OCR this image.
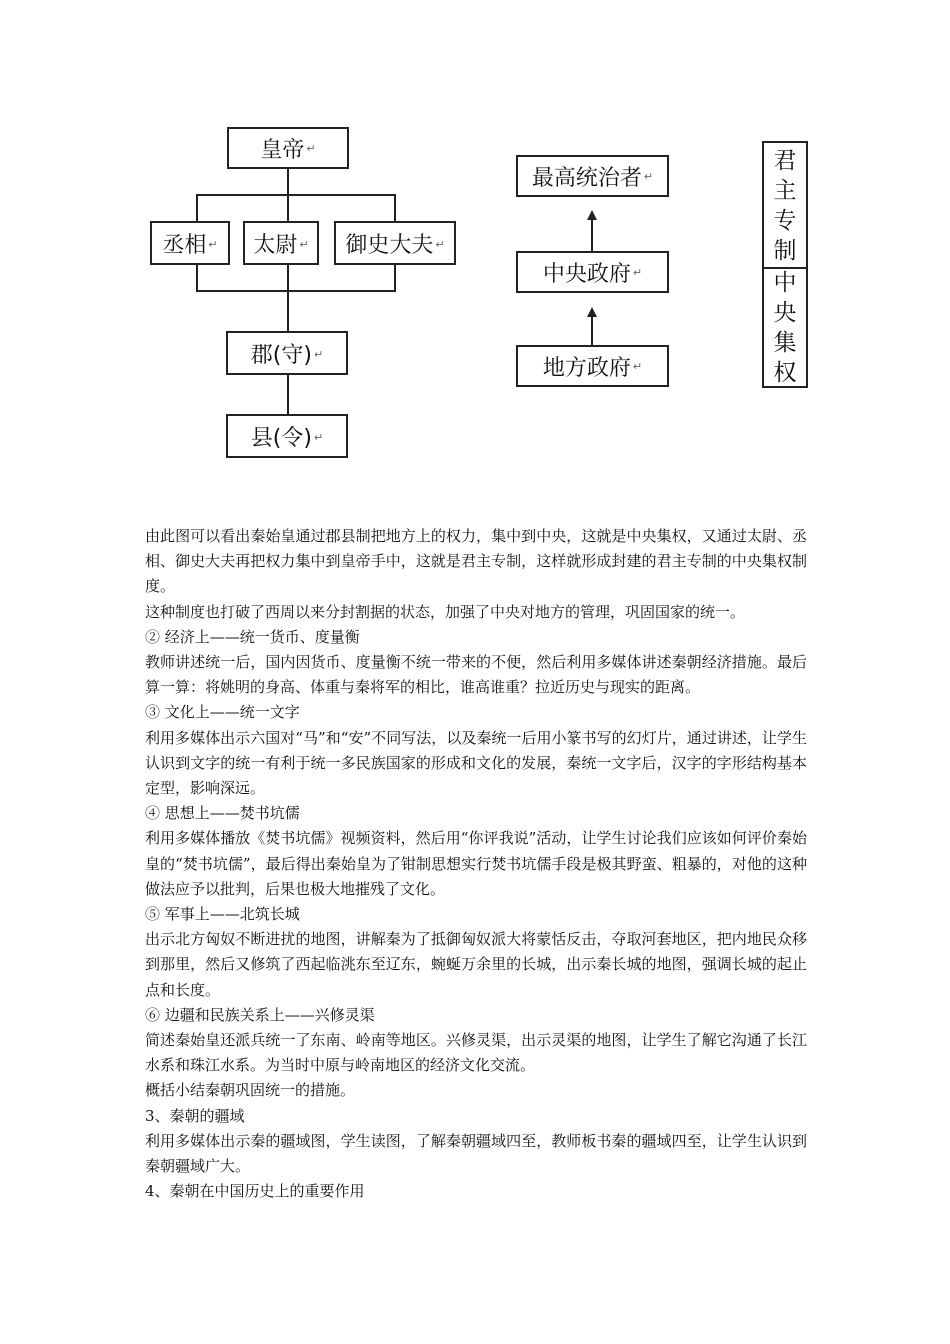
皇帝 ↵
丞相 ↵ 太尉 ↵ 御史大夫 ↵
郡(守) ↵
县(令) ↵
最高统治者 ↵
中央政府 ↵
地方政府 ↵
君
主
专
制
中
央
集
权

由此图可以看出秦始皇通过郡县制把地方上的权力，集中到中央，这就是中央集权，又通过太尉、丞相、御史大夫再把权力集中到皇帝手中，这就是君主专制，这样就形成封建的君主专制的中央集权制度。

这种制度也打破了西周以来分封割据的状态，加强了中央对地方的管理，巩固国家的统一。

② 经济上——统一货币、度量衡

教师讲述统一后，国内因货币、度量衡不统一带来的不便，然后利用多媒体讲述秦朝经济措施。最后算一算：将姚明的身高、体重与秦将军的相比，谁高谁重？拉近历史与现实的距离。

③ 文化上——统一文字

利用多媒体出示六国对“马”和“安”不同写法，以及秦统一后用小篆书写的幻灯片，通过讲述，让学生认识到文字的统一有利于统一多民族国家的形成和文化的发展，秦统一文字后，汉字的字形结构基本定型，影响深远。

④ 思想上——焚书坑儒

利用多媒体播放《焚书坑儒》视频资料，然后用“你评我说”活动，让学生讨论我们应该如何评价秦始皇的“焚书坑儒”，最后得出秦始皇为了钳制思想实行焚书坑儒手段是极其野蛮、粗暴的，对他的这种做法应予以批判，后果也极大地摧残了文化。

⑤ 军事上——北筑长城

出示北方匈奴不断进扰的地图，讲解秦为了抵御匈奴派大将蒙恬反击，夺取河套地区，把内地民众移到那里，然后又修筑了西起临洮东至辽东，蜿蜒万余里的长城，出示秦长城的地图，强调长城的起止点和长度。

⑥ 边疆和民族关系上——兴修灵渠

简述秦始皇还派兵统一了东南、岭南等地区。兴修灵渠，出示灵渠的地图，让学生了解它沟通了长江水系和珠江水系。为当时中原与岭南地区的经济文化交流。

概括小结秦朝巩固统一的措施。

3、秦朝的疆域

利用多媒体出示秦的疆域图，学生读图，了解秦朝疆域四至，教师板书秦的疆域四至，让学生认识到秦朝疆域广大。

4、秦朝在中国历史上的重要作用
